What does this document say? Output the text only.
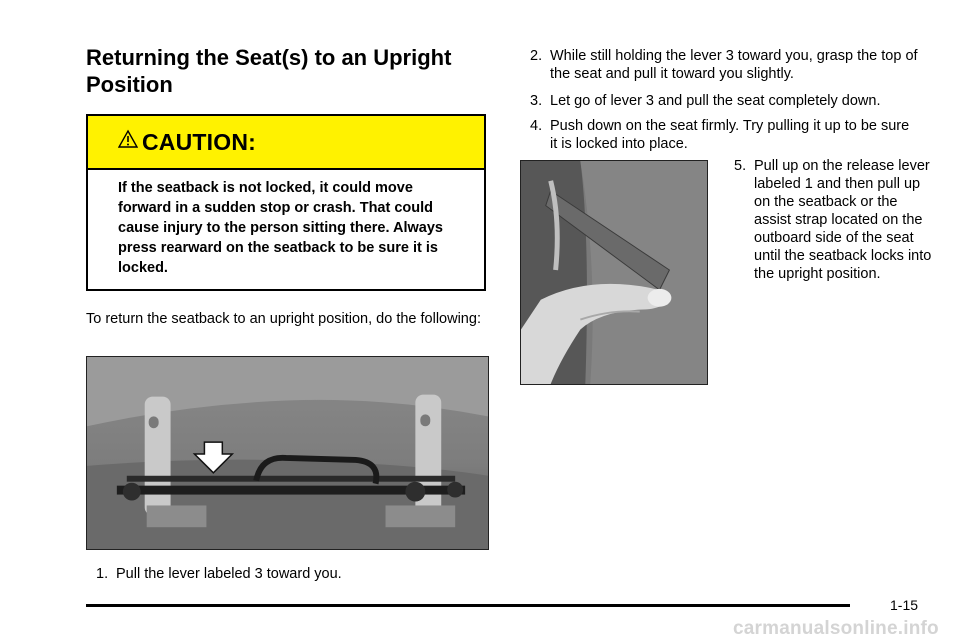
Returning the Seat(s) to an Upright Position
CAUTION:
If the seatback is not locked, it could move forward in a sudden stop or crash. That could cause injury to the person sitting there. Always press rearward on the seatback to be sure it is locked.

To return the seatback to an upright position, do the following:

1. Pull the lever labeled 3 toward you.
2. While still holding the lever 3 toward you, grasp the top of the seat and pull it toward you slightly.
3. Let go of lever 3 and pull the seat completely down.
4. Push down on the seat firmly. Try pulling it up to be sure it is locked into place.
5. Pull up on the release lever labeled 1 and then pull up on the seatback or the assist strap located on the outboard side of the seat until the seatback locks into the upright position.
1-15
carmanualsonline.info
